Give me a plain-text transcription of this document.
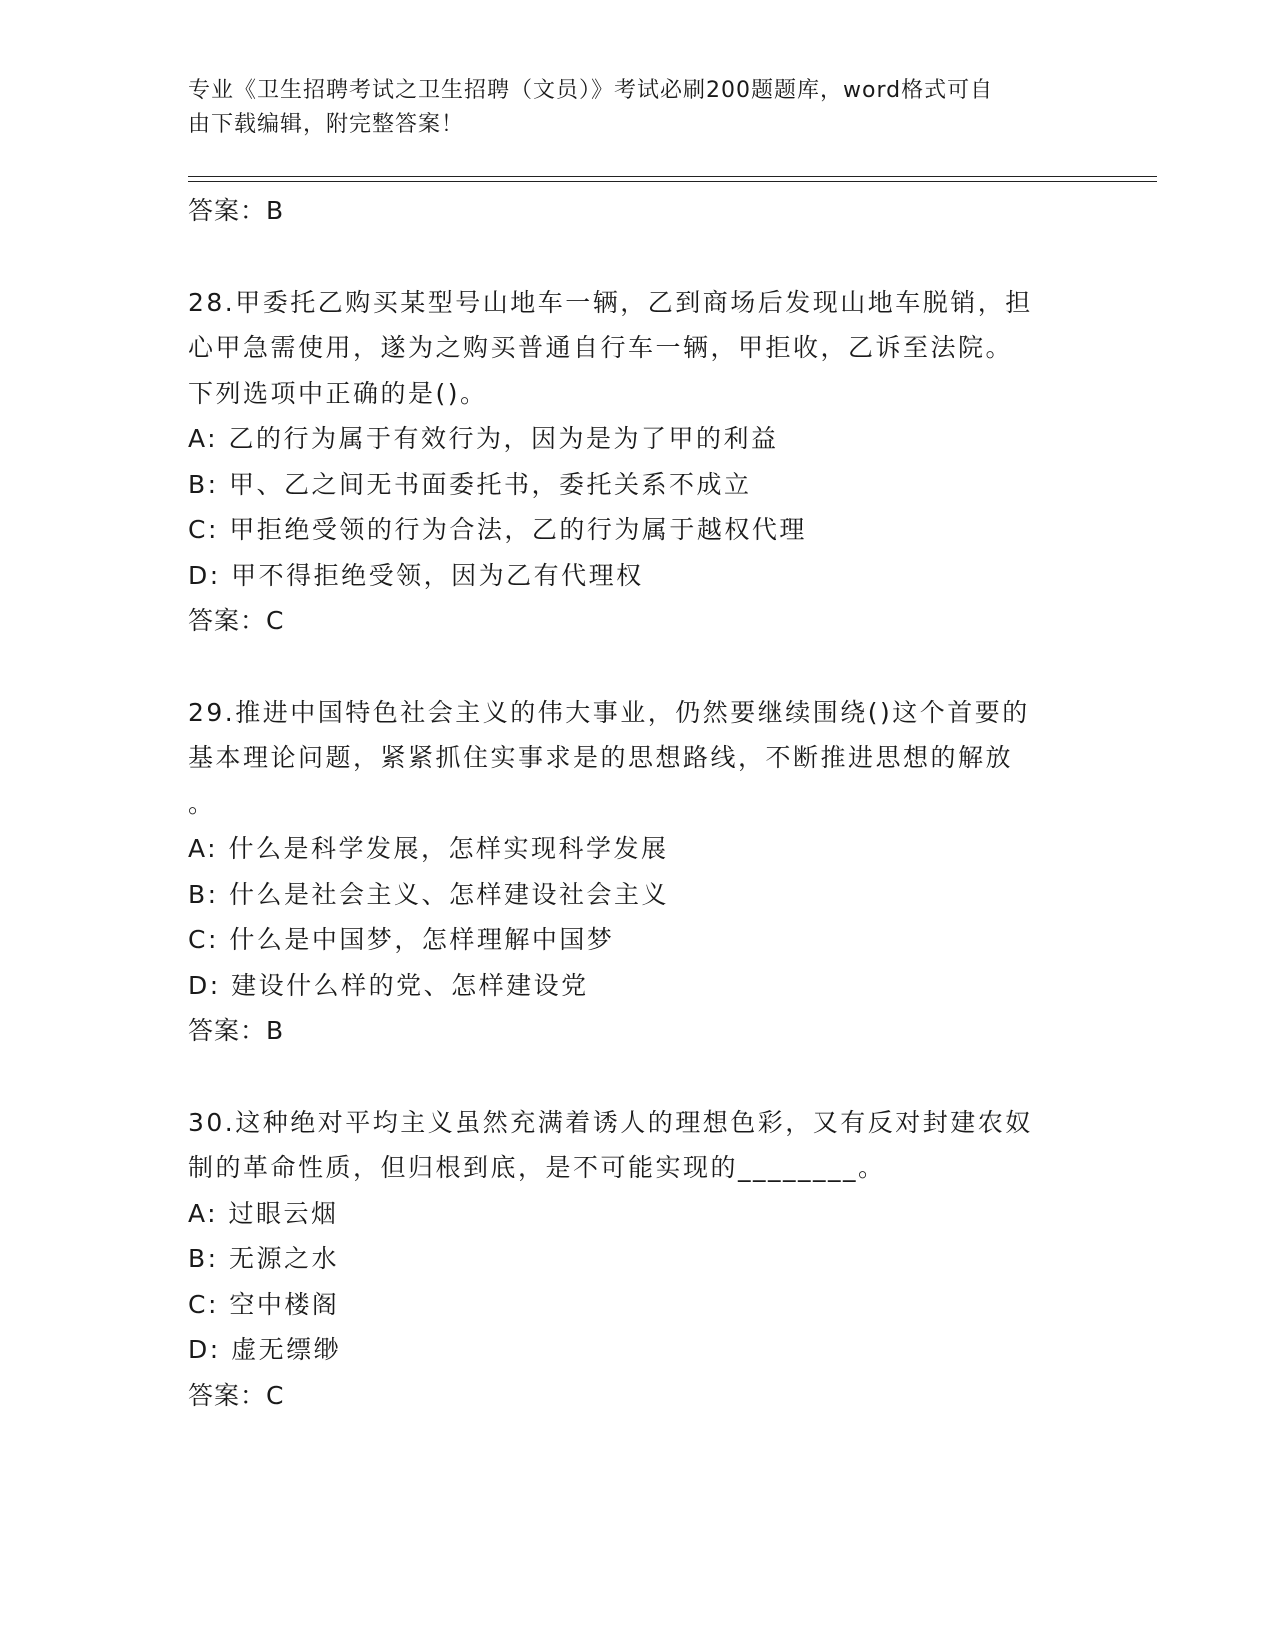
专业《卫生招聘考试之卫生招聘（文员）》考试必刷200题题库，word格式可自
由下载编辑，附完整答案！
答案：B
28.甲委托乙购买某型号山地车一辆，乙到商场后发现山地车脱销，担
心甲急需使用，遂为之购买普通自行车一辆，甲拒收，乙诉至法院。
下列选项中正确的是()。
A: 乙的行为属于有效行为，因为是为了甲的利益
B: 甲、乙之间无书面委托书，委托关系不成立
C: 甲拒绝受领的行为合法，乙的行为属于越权代理
D: 甲不得拒绝受领，因为乙有代理权
答案：C
29.推进中国特色社会主义的伟大事业，仍然要继续围绕()这个首要的
基本理论问题，紧紧抓住实事求是的思想路线，不断推进思想的解放
。
A: 什么是科学发展，怎样实现科学发展
B: 什么是社会主义、怎样建设社会主义
C: 什么是中国梦，怎样理解中国梦
D: 建设什么样的党、怎样建设党
答案：B
30.这种绝对平均主义虽然充满着诱人的理想色彩，又有反对封建农奴
制的革命性质，但归根到底，是不可能实现的________。
A: 过眼云烟
B: 无源之水
C: 空中楼阁
D: 虚无缥缈
答案：C
